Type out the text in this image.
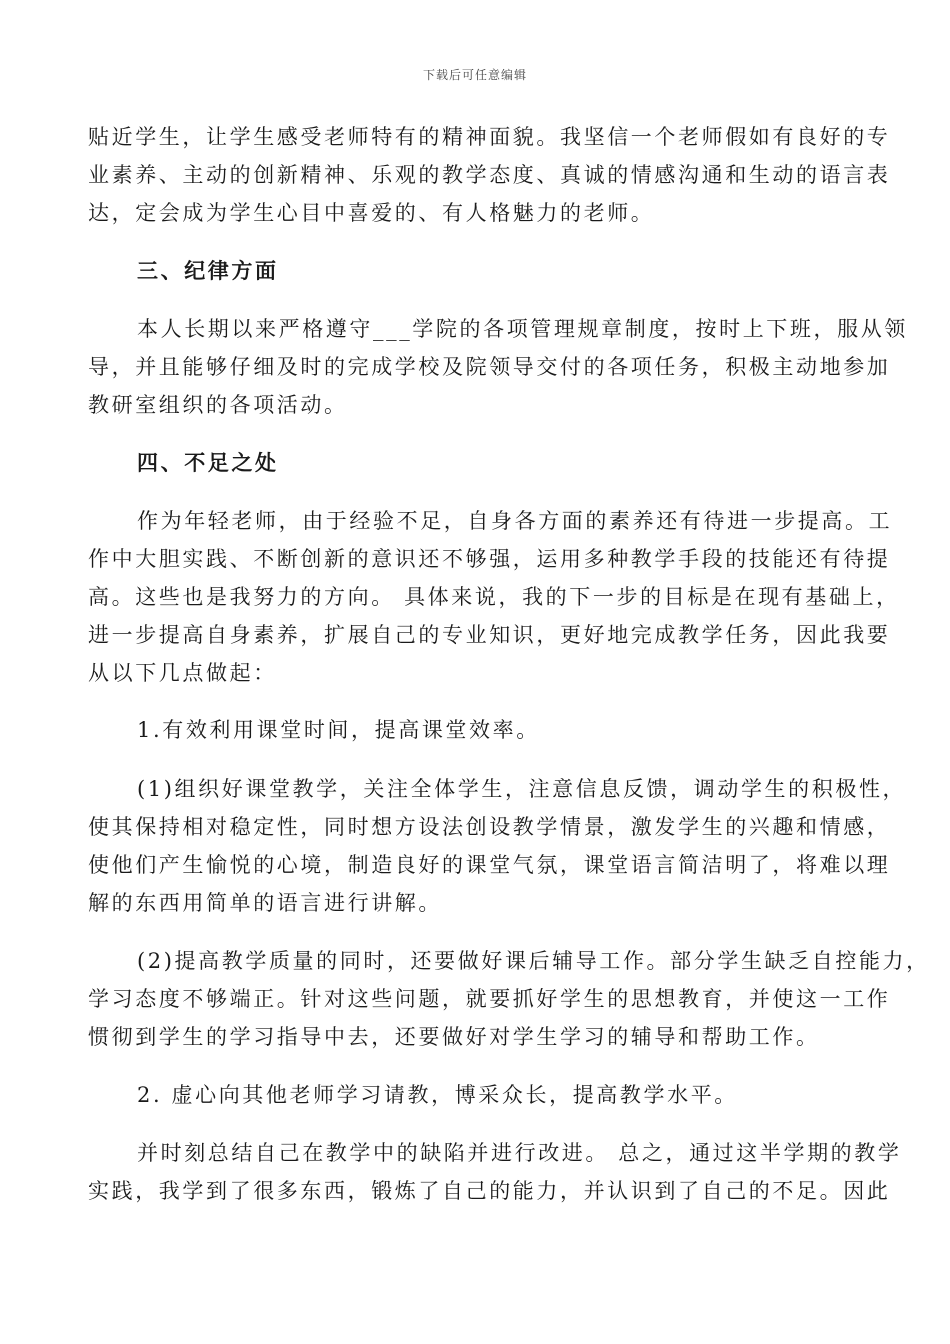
下载后可任意编辑
贴近学生，让学生感受老师特有的精神面貌。我坚信一个老师假如有良好的专
业素养、主动的创新精神、乐观的教学态度、真诚的情感沟通和生动的语言表
达，定会成为学生心目中喜爱的、有人格魅力的老师。
三、纪律方面
本人长期以来严格遵守___学院的各项管理规章制度，按时上下班，服从领
导，并且能够仔细及时的完成学校及院领导交付的各项任务，积极主动地参加
教研室组织的各项活动。
四、不足之处
作为年轻老师，由于经验不足，自身各方面的素养还有待进一步提高。工
作中大胆实践、不断创新的意识还不够强，运用多种教学手段的技能还有待提
高。这些也是我努力的方向。 具体来说，我的下一步的目标是在现有基础上，
进一步提高自身素养，扩展自己的专业知识，更好地完成教学任务，因此我要
从以下几点做起：
1.有效利用课堂时间，提高课堂效率。
(1)组织好课堂教学，关注全体学生，注意信息反馈，调动学生的积极性，
使其保持相对稳定性，同时想方设法创设教学情景，激发学生的兴趣和情感，
使他们产生愉悦的心境，制造良好的课堂气氛，课堂语言简洁明了，将难以理
解的东西用简单的语言进行讲解。
(2)提高教学质量的同时，还要做好课后辅导工作。部分学生缺乏自控能力，
学习态度不够端正。针对这些问题，就要抓好学生的思想教育，并使这一工作
惯彻到学生的学习指导中去，还要做好对学生学习的辅导和帮助工作。
2. 虚心向其他老师学习请教，博采众长，提高教学水平。
并时刻总结自己在教学中的缺陷并进行改进。 总之，通过这半学期的教学
实践，我学到了很多东西，锻炼了自己的能力，并认识到了自己的不足。因此
